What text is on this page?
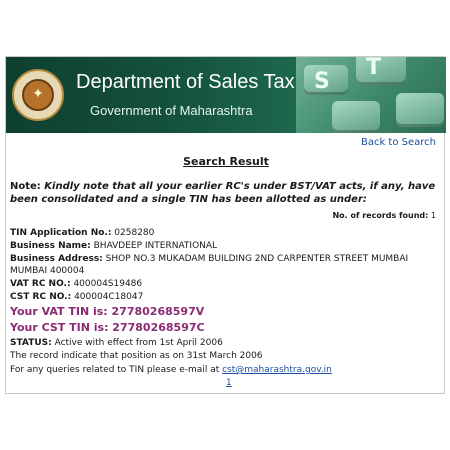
✦
Department of Sales Tax
Government of Maharashtra
S
T
Back to Search
Search Result
Note: Kindly note that all your earlier RC's under BST/VAT acts, if any, have been consolidated and a single TIN has been allotted as under:
No. of records found: 1
TIN Application No.: 0258280
Business Name: BHAVDEEP INTERNATIONAL
Business Address: SHOP NO.3 MUKADAM BUILDING 2ND CARPENTER STREET MUMBAI MUMBAI 400004
VAT RC NO.: 400004S19486
CST RC NO.: 400004C18047
Your VAT TIN is: 27780268597V
Your CST TIN is: 27780268597C
STATUS: Active with effect from 1st April 2006
The record indicate that position as on 31st March 2006
For any queries related to TIN please e-mail at cst@maharashtra.gov.in
1
